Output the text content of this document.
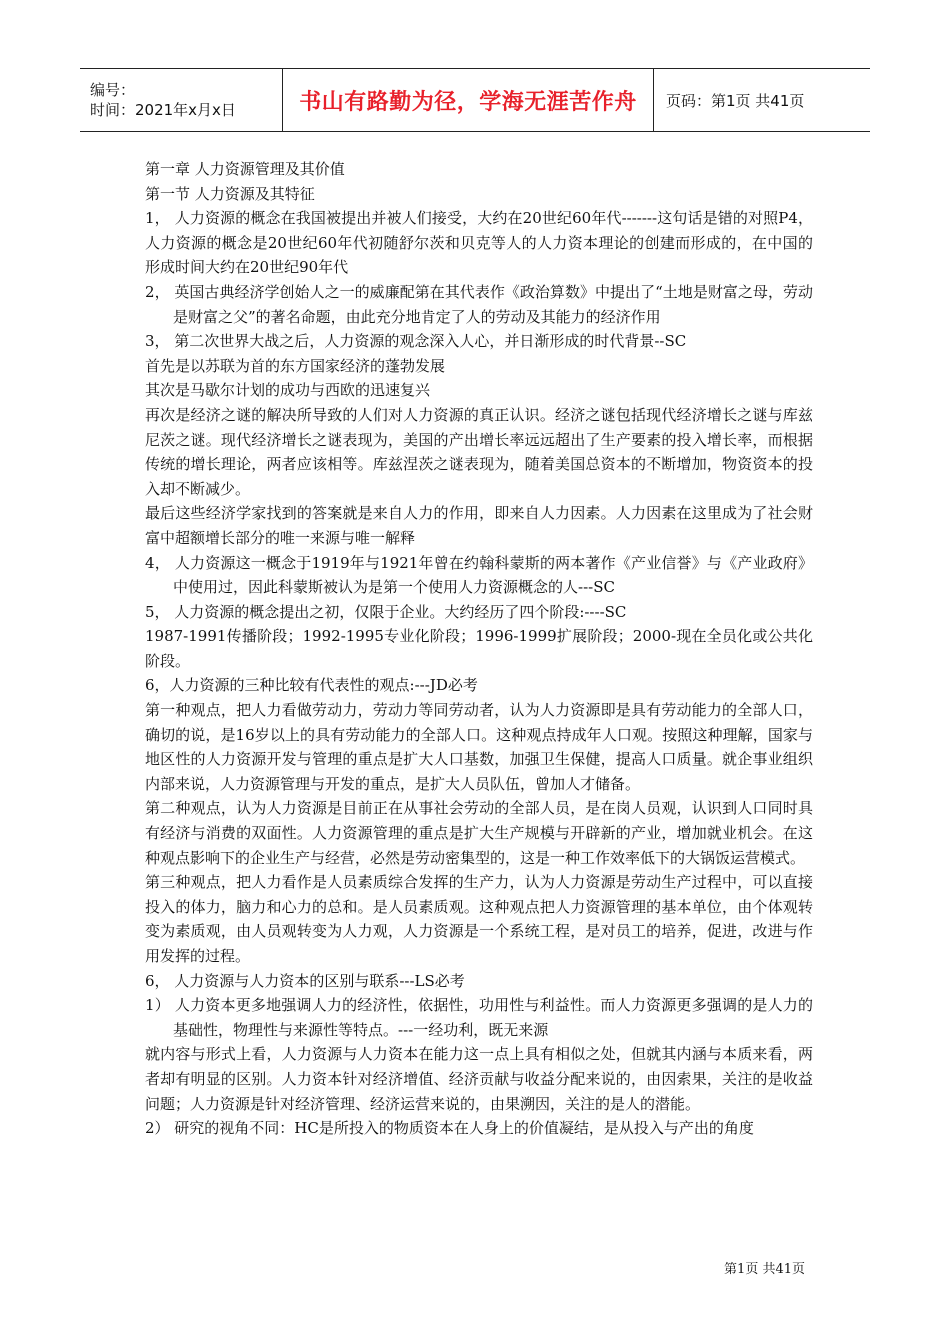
编号：
时间：2021年x月x日	书山有路勤为径，学海无涯苦作舟 页码：第1页 共41页

第一章 人力资源管理及其价值

第一节 人力资源及其特征

1， 人力资源的概念在我国被提出并被人们接受，大约在20世纪60年代-------这句话是错的对照P4，人力资源的概念是20世纪60年代初随舒尔茨和贝克等人的人力资本理论的创建而形成的，在中国的形成时间大约在20世纪90年代

2， 英国古典经济学创始人之一的威廉配第在其代表作《政治算数》中提出了“土地是财富之母，劳动是财富之父”的著名命题，由此充分地肯定了人的劳动及其能力的经济作用

3， 第二次世界大战之后，人力资源的观念深入人心，并日渐形成的时代背景--SC

首先是以苏联为首的东方国家经济的蓬勃发展

其次是马歇尔计划的成功与西欧的迅速复兴

再次是经济之谜的解决所导致的人们对人力资源的真正认识。经济之谜包括现代经济增长之谜与库兹尼茨之谜。现代经济增长之谜表现为，美国的产出增长率远远超出了生产要素的投入增长率，而根据传统的增长理论，两者应该相等。库兹涅茨之谜表现为，随着美国总资本的不断增加，物资资本的投入却不断减少。

最后这些经济学家找到的答案就是来自人力的作用，即来自人力因素。人力因素在这里成为了社会财富中超额增长部分的唯一来源与唯一解释

4， 人力资源这一概念于1919年与1921年曾在约翰科蒙斯的两本著作《产业信誉》与《产业政府》中使用过，因此科蒙斯被认为是第一个使用人力资源概念的人---SC

5， 人力资源的概念提出之初，仅限于企业。大约经历了四个阶段:----SC

1987-1991传播阶段；1992-1995专业化阶段；1996-1999扩展阶段；2000-现在全员化或公共化阶段。

6，人力资源的三种比较有代表性的观点:---JD必考

第一种观点，把人力看做劳动力，劳动力等同劳动者，认为人力资源即是具有劳动能力的全部人口，确切的说，是16岁以上的具有劳动能力的全部人口。这种观点持成年人口观。按照这种理解，国家与地区性的人力资源开发与管理的重点是扩大人口基数，加强卫生保健，提高人口质量。就企事业组织内部来说，人力资源管理与开发的重点，是扩大人员队伍，曾加人才储备。

第二种观点，认为人力资源是目前正在从事社会劳动的全部人员，是在岗人员观，认识到人口同时具有经济与消费的双面性。人力资源管理的重点是扩大生产规模与开辟新的产业，增加就业机会。在这种观点影响下的企业生产与经营，必然是劳动密集型的，这是一种工作效率低下的大锅饭运营模式。

第三种观点，把人力看作是人员素质综合发挥的生产力，认为人力资源是劳动生产过程中，可以直接投入的体力，脑力和心力的总和。是人员素质观。这种观点把人力资源管理的基本单位，由个体观转变为素质观，由人员观转变为人力观，人力资源是一个系统工程，是对员工的培养，促进，改进与作用发挥的过程。

6， 人力资源与人力资本的区别与联系---LS必考

1） 人力资本更多地强调人力的经济性，依据性，功用性与利益性。而人力资源更多强调的是人力的基础性，物理性与来源性等特点。---一经功利，既无来源

就内容与形式上看，人力资源与人力资本在能力这一点上具有相似之处，但就其内涵与本质来看，两者却有明显的区别。人力资本针对经济增值、经济贡献与收益分配来说的，由因索果，关注的是收益问题；人力资源是针对经济管理、经济运营来说的，由果溯因，关注的是人的潜能。

2） 研究的视角不同：HC是所投入的物质资本在人身上的价值凝结，是从投入与产出的角度

第1页 共41页
